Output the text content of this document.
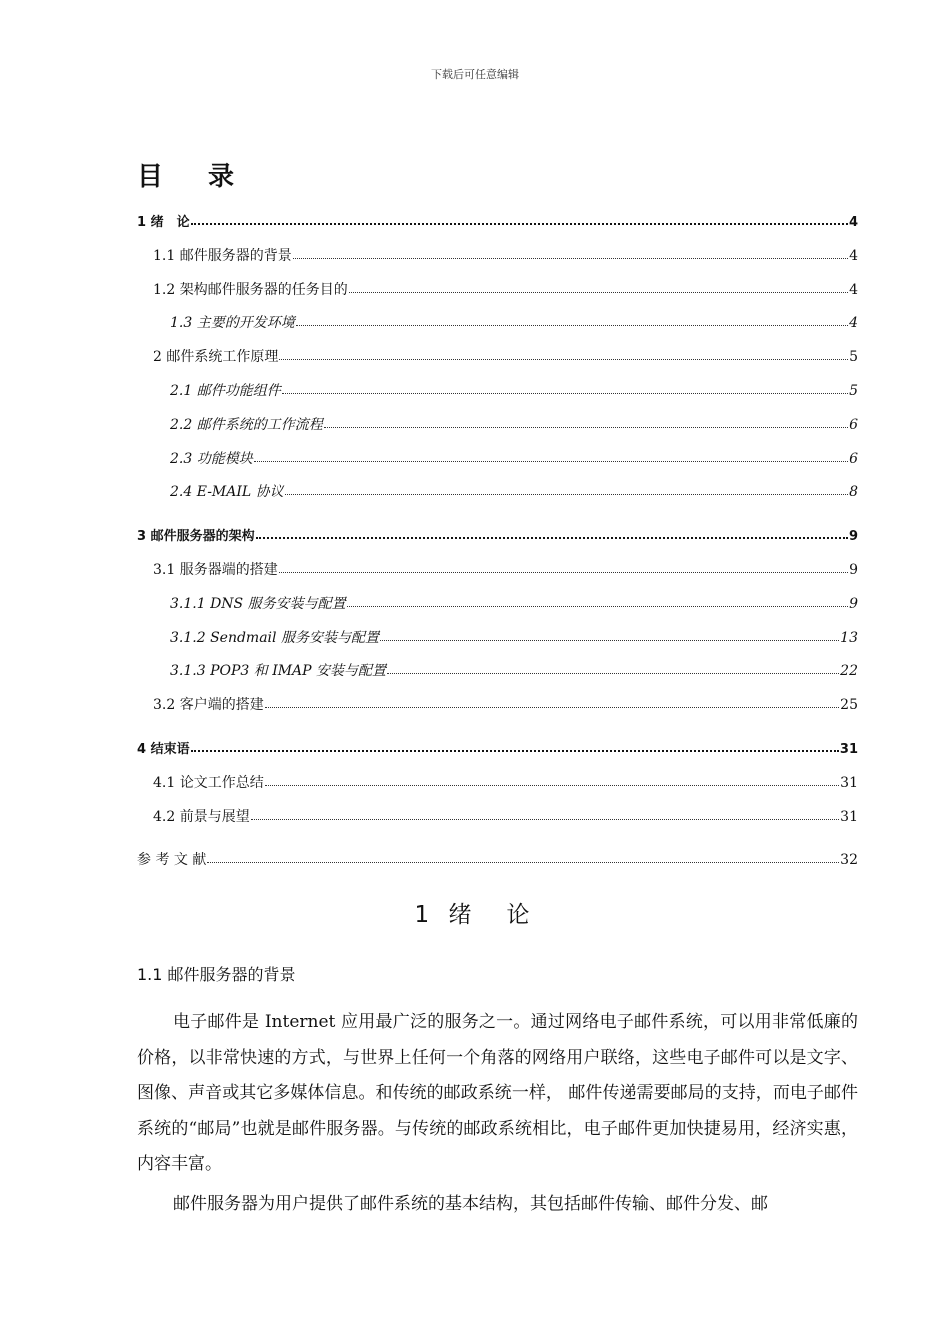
下载后可任意编辑
目 录
1 绪　论	4
1.1 邮件服务器的背景	4
1.2 架构邮件服务器的任务目的	4
1.3 主要的开发环境	4
2 邮件系统工作原理	5
2.1 邮件功能组件	5
2.2 邮件系统的工作流程	6
2.3 功能模块	6
2.4 E-MAIL 协议	8
3 邮件服务器的架构	9
3.1 服务器端的搭建	9
3.1.1 DNS 服务安装与配置	9
3.1.2 Sendmail 服务安装与配置	13
3.1.3 POP3 和 IMAP 安装与配置	22
3.2 客户端的搭建	25
4 结束语	31
4.1 论文工作总结	31
4.2 前景与展望	31
参 考 文 献	32
1 绪　论
1.1 邮件服务器的背景

电子邮件是 Internet 应用最广泛的服务之一。通过网络电子邮件系统，可以用非常低廉的价格，以非常快速的方式，与世界上任何一个角落的网络用户联络，这些电子邮件可以是文字、图像、声音或其它多媒体信息。和传统的邮政系统一样， 邮件传递需要邮局的支持，而电子邮件系统的“邮局”也就是邮件服务器。与传统的邮政系统相比，电子邮件更加快捷易用，经济实惠，内容丰富。

邮件服务器为用户提供了邮件系统的基本结构，其包括邮件传输、邮件分发、邮
